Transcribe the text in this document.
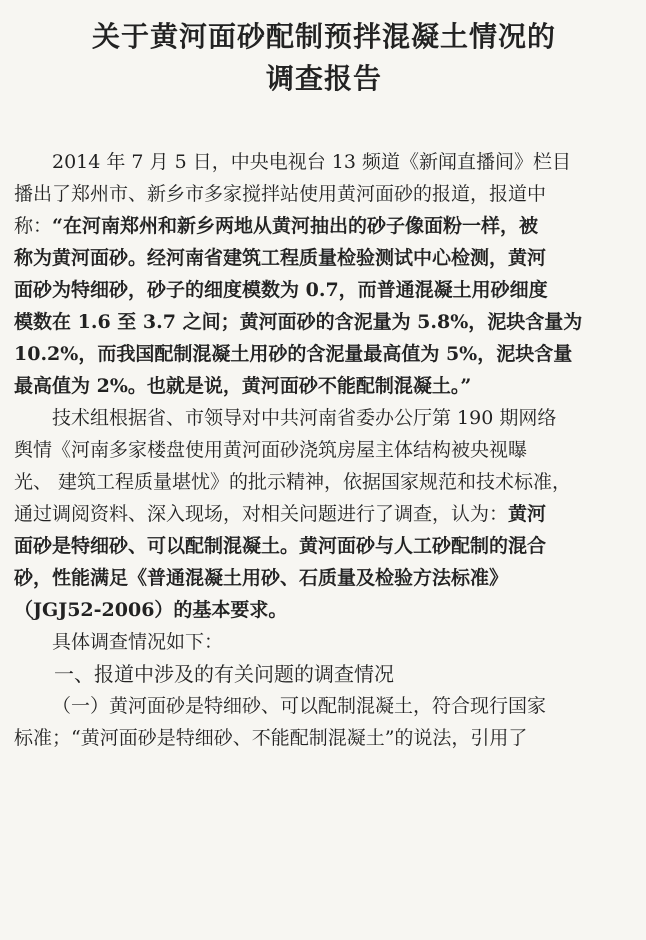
关于黄河面砂配制预拌混凝土情况的
调查报告

2014 年 7 月 5 日，中央电视台 13 频道《新闻直播间》栏目
播出了郑州市、新乡市多家搅拌站使用黄河面砂的报道，报道中
称：“在河南郑州和新乡两地从黄河抽出的砂子像面粉一样，被
称为黄河面砂。经河南省建筑工程质量检验测试中心检测，黄河
面砂为特细砂，砂子的细度模数为 0.7，而普通混凝土用砂细度
模数在 1.6 至 3.7 之间；黄河面砂的含泥量为 5.8%，泥块含量为
10.2%，而我国配制混凝土用砂的含泥量最高值为 5%，泥块含量
最高值为 2%。也就是说，黄河面砂不能配制混凝土。”

技术组根据省、市领导对中共河南省委办公厅第 190 期网络
舆情《河南多家楼盘使用黄河面砂浇筑房屋主体结构被央视曝
光、 建筑工程质量堪忧》的批示精神，依据国家规范和技术标准，
通过调阅资料、深入现场，对相关问题进行了调查，认为：黄河
面砂是特细砂、可以配制混凝土。黄河面砂与人工砂配制的混合
砂，性能满足《普通混凝土用砂、石质量及检验方法标准》
（JGJ52-2006）的基本要求。

具体调查情况如下：

一、报道中涉及的有关问题的调查情况

（一）黄河面砂是特细砂、可以配制混凝土，符合现行国家
标准；“黄河面砂是特细砂、不能配制混凝土”的说法，引用了
